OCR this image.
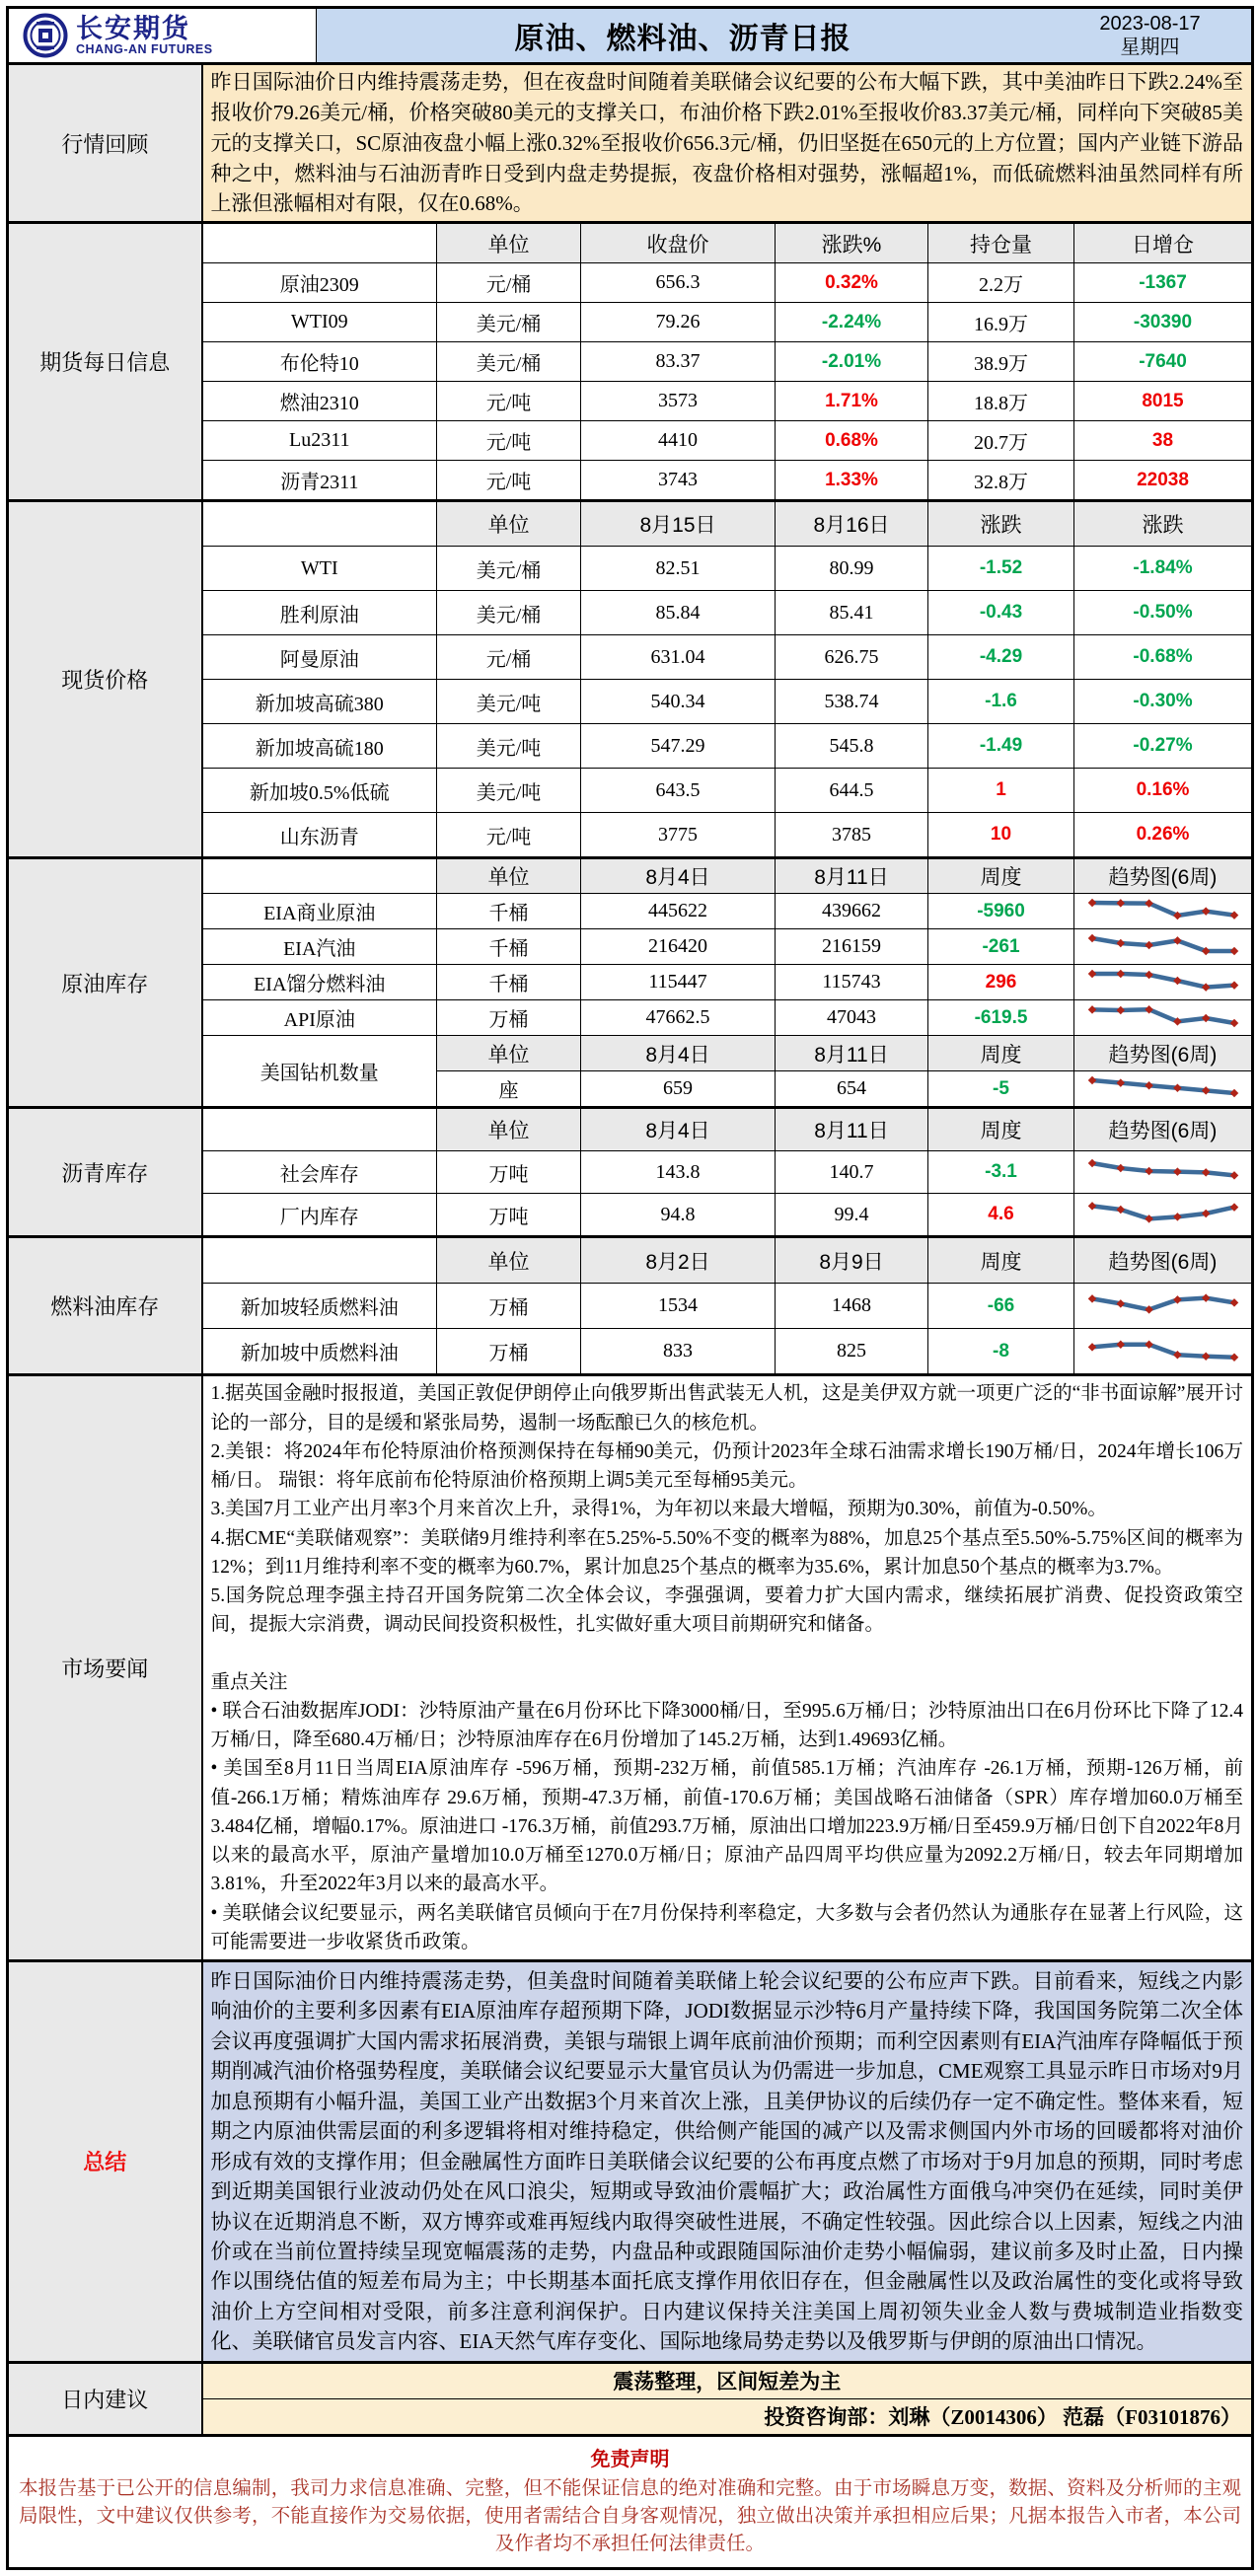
长安期货
CHANG-AN FUTURES 原油、燃料油、沥青日报 2023-08-17
星期四						

行情回顾	昨日国际油价日内维持震荡走势，但在夜盘时间随着美联储会议纪要的公布大幅下跌，其中美油昨日下跌2.24%至报收价79.26美元/桶，价格突破80美元的支撑关口，布油价格下跌2.01%至报收价83.37美元/桶，同样向下突破85美元的支撑关口，SC原油夜盘小幅上涨0.32%至报收价656.3元/桶，仍旧坚挺在650元的上方位置；国内产业链下游品种之中，燃料油与石油沥青昨日受到内盘走势提振，夜盘价格相对强势，涨幅超1%，而低硫燃料油虽然同样有所上涨但涨幅相对有限，仅在0.68%。					
期货每日信息		单位	收盘价	涨跌%	持仓量	日增仓
	原油2309	元/桶	656.3	0.32%	2.2万	-1367
	WTI09	美元/桶	79.26	-2.24%	16.9万	-30390
	布伦特10	美元/桶	83.37	-2.01%	38.9万	-7640
	燃油2310	元/吨	3573	1.71%	18.8万	8015
	Lu2311	元/吨	4410	0.68%	20.7万	38
	沥青2311	元/吨	3743	1.33%	32.8万	22038
现货价格		单位	8月15日	8月16日	涨跌	涨跌
	WTI	美元/桶	82.51	80.99	-1.52	-1.84%
	胜利原油	美元/桶	85.84	85.41	-0.43	-0.50%
	阿曼原油	元/桶	631.04	626.75	-4.29	-0.68%
	新加坡高硫380	美元/吨	540.34	538.74	-1.6	-0.30%
	新加坡高硫180	美元/吨	547.29	545.8	-1.49	-0.27%
	新加坡0.5%低硫	美元/吨	643.5	644.5	1	0.16%
	山东沥青	元/吨	3775	3785	10	0.26%
原油库存		单位	8月4日	8月11日	周度	趋势图(6周)
	EIA商业原油	千桶	445622	439662	-5960	

	EIA汽油	千桶	216420	216159	-261	

	EIA馏分燃料油	千桶	115447	115743	296	

	API原油	万桶	47662.5	47043	-619.5	

	美国钻机数量	单位	8月4日	8月11日	周度	趋势图(6周)
		座	659	654	-5	

沥青库存		单位	8月4日	8月11日	周度	趋势图(6周)
	社会库存	万吨	143.8	140.7	-3.1	

	厂内库存	万吨	94.8	99.4	4.6	

燃料油库存		单位	8月2日	8月9日	周度	趋势图(6周)
	新加坡轻质燃料油	万桶	1534	1468	-66	

	新加坡中质燃料油	万桶	833	825	-8	

市场要闻	

1.据英国金融时报报道，美国正敦促伊朗停止向俄罗斯出售武装无人机，这是美伊双方就一项更广泛的“非书面谅解”展开讨论的一部分，目的是缓和紧张局势，遏制一场酝酿已久的核危机。

2.美银：将2024年布伦特原油价格预测保持在每桶90美元，仍预计2023年全球石油需求增长190万桶/日，2024年增长106万桶/日。 瑞银：将年底前布伦特原油价格预期上调5美元至每桶95美元。

3.美国7月工业产出月率3个月来首次上升，录得1%，为年初以来最大增幅，预期为0.30%，前值为-0.50%。

4.据CME“美联储观察”：美联储9月维持利率在5.25%-5.50%不变的概率为88%，加息25个基点至5.50%-5.75%区间的概率为12%；到11月维持利率不变的概率为60.7%，累计加息25个基点的概率为35.6%，累计加息50个基点的概率为3.7%。

5.国务院总理李强主持召开国务院第二次全体会议，李强强调，要着力扩大国内需求，继续拓展扩消费、促投资政策空间，提振大宗消费，调动民间投资积极性，扎实做好重大项目前期研究和储备。

重点关注

• 联合石油数据库JODI：沙特原油产量在6月份环比下降3000桶/日，至995.6万桶/日；沙特原油出口在6月份环比下降了12.4万桶/日，降至680.4万桶/日；沙特原油库存在6月份增加了145.2万桶，达到1.49693亿桶。

• 美国至8月11日当周EIA原油库存 -596万桶，预期-232万桶，前值585.1万桶；汽油库存 -26.1万桶，预期-126万桶，前值-266.1万桶；精炼油库存 29.6万桶，预期-47.3万桶，前值-170.6万桶；美国战略石油储备（SPR）库存增加60.0万桶至3.484亿桶，增幅0.17%。原油进口 -176.3万桶，前值293.7万桶，原油出口增加223.9万桶/日至459.9万桶/日创下自2022年8月以来的最高水平，原油产量增加10.0万桶至1270.0万桶/日；原油产品四周平均供应量为2092.2万桶/日，较去年同期增加3.81%，升至2022年3月以来的最高水平。

• 美联储会议纪要显示，两名美联储官员倾向于在7月份保持利率稳定，大多数与会者仍然认为通胀存在显著上行风险，这可能需要进一步收紧货币政策。

总结	昨日国际油价日内维持震荡走势，但美盘时间随着美联储上轮会议纪要的公布应声下跌。目前看来，短线之内影响油价的主要利多因素有EIA原油库存超预期下降，JODI数据显示沙特6月产量持续下降，我国国务院第二次全体会议再度强调扩大国内需求拓展消费，美银与瑞银上调年底前油价预期；而利空因素则有EIA汽油库存降幅低于预期削减汽油价格强势程度，美联储会议纪要显示大量官员认为仍需进一步加息，CME观察工具显示昨日市场对9月加息预期有小幅升温，美国工业产出数据3个月来首次上涨，且美伊协议的后续仍存一定不确定性。整体来看，短期之内原油供需层面的利多逻辑将相对维持稳定，供给侧产能国的减产以及需求侧国内外市场的回暖都将对油价形成有效的支撑作用；但金融属性方面昨日美联储会议纪要的公布再度点燃了市场对于9月加息的预期，同时考虑到近期美国银行业波动仍处在风口浪尖，短期或导致油价震幅扩大；政治属性方面俄乌冲突仍在延续，同时美伊协议在近期消息不断，双方博弈或难再短线内取得突破性进展，不确定性较强。因此综合以上因素，短线之内油价或在当前位置持续呈现宽幅震荡的走势，内盘品种或跟随国际油价走势小幅偏弱，建议前多及时止盈，日内操作以围绕估值的短差布局为主；中长期基本面托底支撑作用依旧存在，但金融属性以及政治属性的变化或将导致油价上方空间相对受限，前多注意利润保护。日内建议保持关注美国上周初领失业金人数与费城制造业指数变化、美联储官员发言内容、EIA天然气库存变化、国际地缘局势走势以及俄罗斯与伊朗的原油出口情况。					
日内建议	震荡整理，区间短差为主					
	投资咨询部：刘琳（Z0014306） 范磊（F03101876）					

免责声明

本报告基于已公开的信息编制，我司力求信息准确、完整，但不能保证信息的绝对准确和完整。由于市场瞬息万变，数据、资料及分析师的主观局限性，文中建议仅供参考，不能直接作为交易依据，使用者需结合自身客观情况，独立做出决策并承担相应后果；凡据本报告入市者，本公司及作者均不承担任何法律责任。						
